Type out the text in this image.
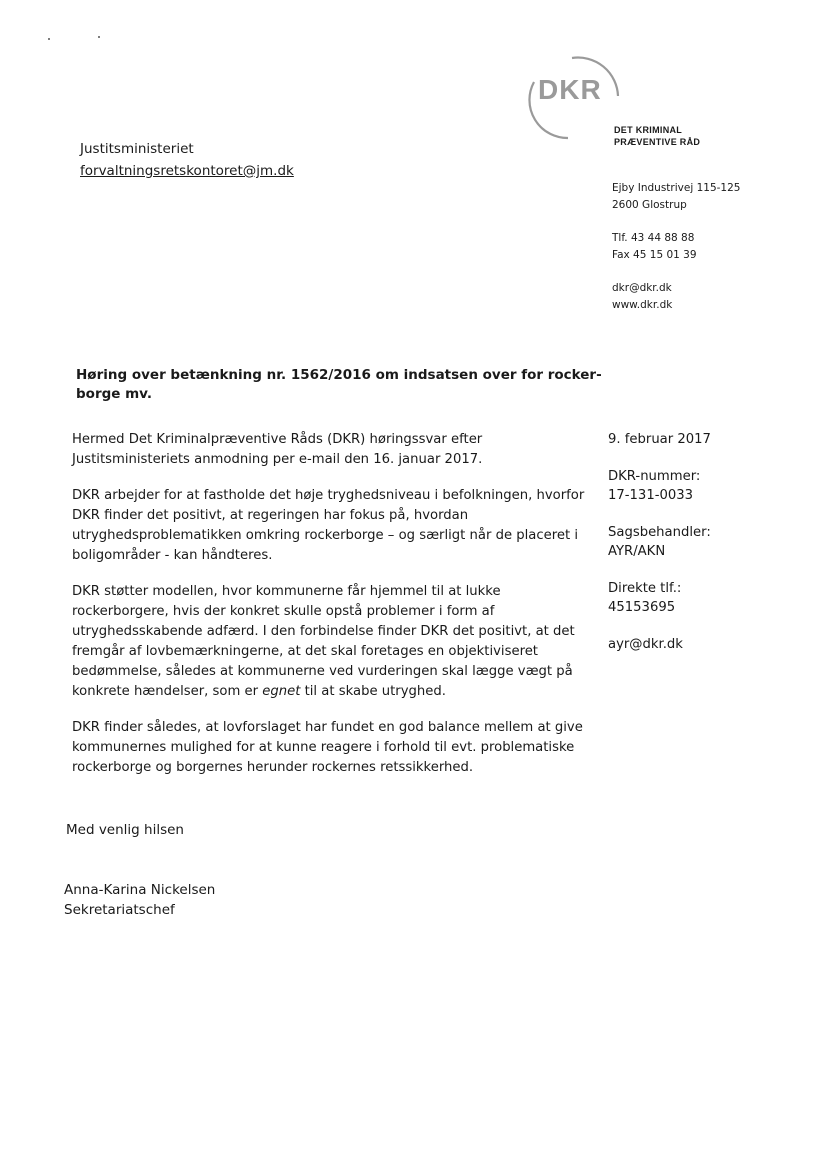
DKR
DET KRIMINAL
PRÆVENTIVE RÅD
Ejby Industrivej 115-125
2600 Glostrup
Tlf. 43 44 88 88
Fax 45 15 01 39
dkr@dkr.dk
www.dkr.dk
Justitsministeriet
forvaltningsretskontoret@jm.dk
Høring over betænkning nr. 1562/2016 om indsatsen over for rockerborge mv.

Hermed Det Kriminalpræventive Råds (DKR) høringssvar efter Justitsministeriets anmodning per e-mail den 16. januar 2017.

DKR arbejder for at fastholde det høje tryghedsniveau i befolkningen, hvorfor DKR finder det positivt, at regeringen har fokus på, hvordan utryghedsproblematikken omkring rockerborge – og særligt når de placeret i boligområder - kan håndteres.

DKR støtter modellen, hvor kommunerne får hjemmel til at lukke rockerborgere, hvis der konkret skulle opstå problemer i form af utryghedsskabende adfærd. I den forbindelse finder DKR det positivt, at det fremgår af lovbemærkningerne, at det skal foretages en objektiviseret bedømmelse, således at kommunerne ved vurderingen skal lægge vægt på konkrete hændelser, som er egnet til at skabe utryghed.

DKR finder således, at lovforslaget har fundet en god balance mellem at give kommunernes mulighed for at kunne reagere i forhold til evt. problematiske rockerborge og borgernes herunder rockernes retssikkerhed.

9. februar 2017
DKR-nummer:
17-131-0033
Sagsbehandler:
AYR/AKN
Direkte tlf.:
45153695
ayr@dkr.dk
Med venlig hilsen
Anna-Karina Nickelsen
Sekretariatschef
